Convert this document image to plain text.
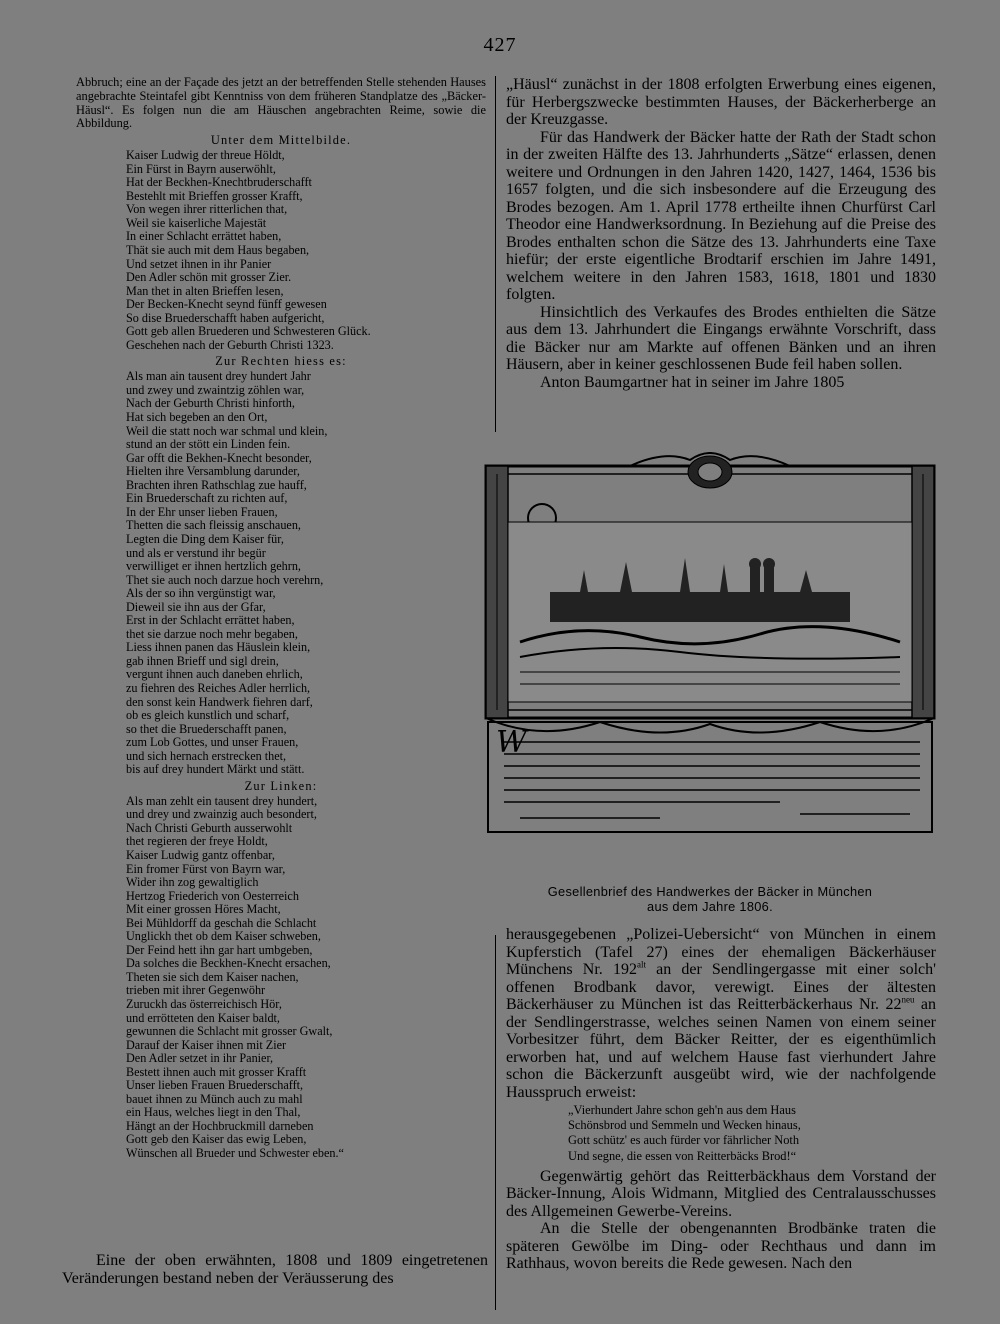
427

Abbruch; eine an der Façade des jetzt an der betreffenden Stelle stehenden Hauses angebrachte Steintafel gibt Kenntniss von dem früheren Standplatze des „Bäcker-Häusl“. Es folgen nun die am Häuschen angebrachten Reime, sowie die Abbildung.

Unter dem Mittelbilde.
Kaiser Ludwig der threue Höldt,
Ein Fürst in Bayrn auserwöhlt,
Hat der Beckhen-Knechtbruderschafft
Bestehlt mit Brieffen grosser Krafft,
Von wegen ihrer ritterlichen that,
Weil sie kaiserliche Majestät
In einer Schlacht errättet haben,
Thät sie auch mit dem Haus begaben,
Und setzet ihnen in ihr Panier
Den Adler schön mit grosser Zier.
Man thet in alten Brieffen lesen,
Der Becken-Knecht seynd fünff gewesen
So dise Bruederschafft haben aufgericht,
Gott geb allen Bruederen und Schwesteren Glück.
Geschehen nach der Geburth Christi 1323.
Zur Rechten hiess es:
Als man ain tausent drey hundert Jahr
und zwey und zwaintzig zöhlen war,
Nach der Geburth Christi hinforth,
Hat sich begeben an den Ort,
Weil die statt noch war schmal und klein,
stund an der stött ein Linden fein.
Gar offt die Bekhen-Knecht besonder,
Hielten ihre Versamblung darunder,
Brachten ihren Rathschlag zue hauff,
Ein Bruederschaft zu richten auf,
In der Ehr unser lieben Frauen,
Thetten die sach fleissig anschauen,
Legten die Ding dem Kaiser für,
und als er verstund ihr begür
verwilliget er ihnen hertzlich gehrn,
Thet sie auch noch darzue hoch verehrn,
Als der so ihn vergünstigt war,
Dieweil sie ihn aus der Gfar,
Erst in der Schlacht errättet haben,
thet sie darzue noch mehr begaben,
Liess ihnen panen das Häuslein klein,
gab ihnen Brieff und sigl drein,
vergunt ihnen auch daneben ehrlich,
zu fiehren des Reiches Adler herrlich,
den sonst kein Handwerk fiehren darf,
ob es gleich kunstlich und scharf,
so thet die Bruederschafft panen,
zum Lob Gottes, und unser Frauen,
und sich hernach erstrecken thet,
bis auf drey hundert Märkt und stätt.
Zur Linken:
Als man zehlt ein tausent drey hundert,
und drey und zwainzig auch besondert,
Nach Christi Geburth ausserwohlt
thet regieren der freye Holdt,
Kaiser Ludwig gantz offenbar,
Ein fromer Fürst von Bayrn war,
Wider ihn zog gewaltiglich
Hertzog Friederich von Oesterreich
Mit einer grossen Höres Macht,
Bei Mühldorff da geschah die Schlacht
Unglickh thet ob dem Kaiser schweben,
Der Feind hett ihn gar hart umbgeben,
Da solches die Beckhen-Knecht ersachen,
Theten sie sich dem Kaiser nachen,
trieben mit ihrer Gegenwöhr
Zuruckh das österreichisch Hör,
und errötteten den Kaiser baldt,
gewunnen die Schlacht mit grosser Gwalt,
Darauf der Kaiser ihnen mit Zier
Den Adler setzet in ihr Panier,
Bestett ihnen auch mit grosser Krafft
Unser lieben Frauen Bruederschafft,
bauet ihnen zu Münch auch zu mahl
ein Haus, welches liegt in den Thal,
Hängt an der Hochbruckmill darneben
Gott geb den Kaiser das ewig Leben,
Wünschen all Brueder und Schwester eben.“

Eine der oben erwähnten, 1808 und 1809 eingetretenen Veränderungen bestand neben der Veräusserung des

„Häusl“ zunächst in der 1808 erfolgten Erwerbung eines eigenen, für Herbergszwecke bestimmten Hauses, der Bäckerherberge an der Kreuzgasse.

Für das Handwerk der Bäcker hatte der Rath der Stadt schon in der zweiten Hälfte des 13. Jahrhunderts „Sätze“ erlassen, denen weitere und Ordnungen in den Jahren 1420, 1427, 1464, 1536 bis 1657 folgten, und die sich insbesondere auf die Erzeugung des Brodes bezogen. Am 1. April 1778 ertheilte ihnen Churfürst Carl Theodor eine Handwerksordnung. In Beziehung auf die Preise des Brodes enthalten schon die Sätze des 13. Jahrhunderts eine Taxe hiefür; der erste eigentliche Brodtarif erschien im Jahre 1491, welchem weitere in den Jahren 1583, 1618, 1801 und 1830 folgten.

Hinsichtlich des Verkaufes des Brodes enthielten die Sätze aus dem 13. Jahrhundert die Eingangs erwähnte Vorschrift, dass die Bäcker nur am Markte auf offenen Bänken und an ihren Häusern, aber in keiner geschlossenen Bude feil haben sollen.

Anton Baumgartner hat in seiner im Jahre 1805

W
Gesellenbrief des Handwerkes der Bäcker in München
aus dem Jahre 1806.

herausgegebenen „Polizei-Uebersicht“ von München in einem Kupferstich (Tafel 27) eines der ehemaligen Bäckerhäuser Münchens Nr. $192^{alt}$ an der Sendlingergasse mit einer solch' offenen Brodbank davor, verewigt. Eines der ältesten Bäckerhäuser zu München ist das Reitterbäckerhaus Nr. $22^{neu}$ an der Sendlingerstrasse, welches seinen Namen von einem seiner Vorbesitzer führt, dem Bäcker Reitter, der es eigenthümlich erworben hat, und auf welchem Hause fast vierhundert Jahre schon die Bäckerzunft ausgeübt wird, wie der nachfolgende Hausspruch erweist:

„Vierhundert Jahre schon geh'n aus dem Haus
Schönsbrod und Semmeln und Wecken hinaus,
Gott schütz' es auch fürder vor fährlicher Noth
Und segne, die essen von Reitterbäcks Brod!“

Gegenwärtig gehört das Reitterbäckhaus dem Vorstand der Bäcker-Innung, Alois Widmann, Mitglied des Centralausschusses des Allgemeinen Gewerbe-Vereins.

An die Stelle der obengenannten Brodbänke traten die späteren Gewölbe im Ding- oder Rechthaus und dann im Rathhaus, wovon bereits die Rede gewesen. Nach den
